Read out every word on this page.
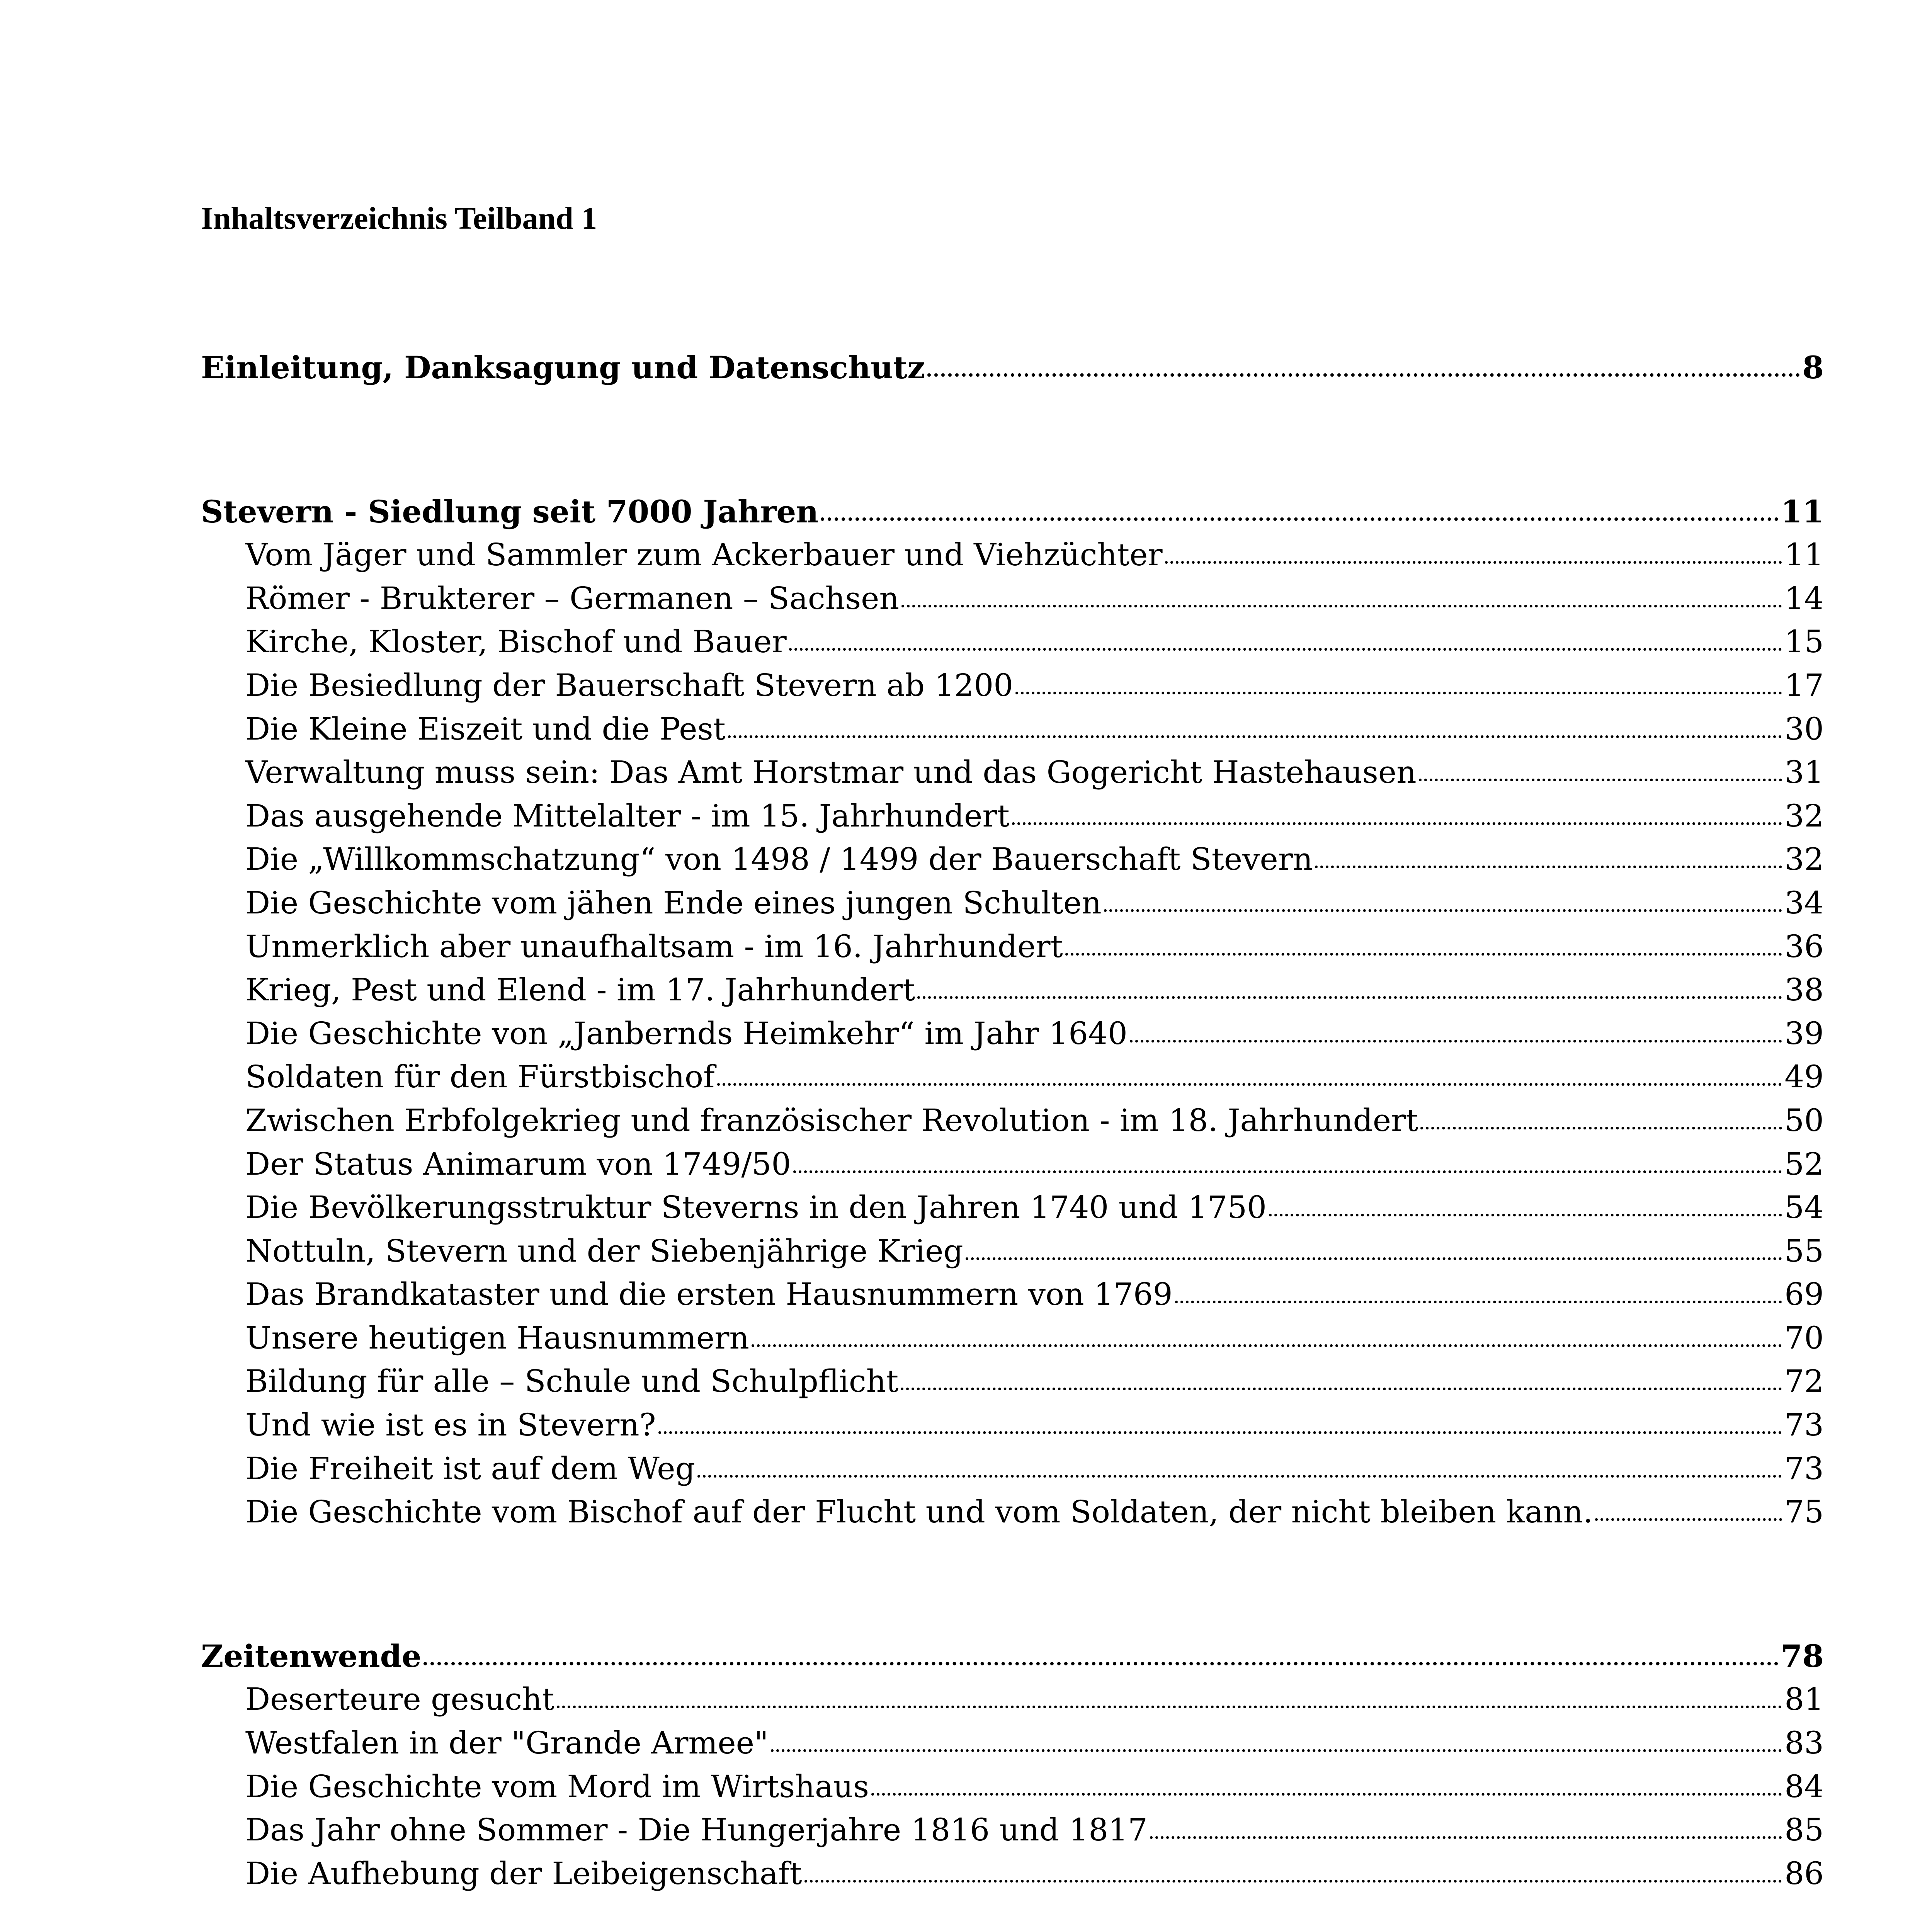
Inhaltsverzeichnis Teilband 1
Einleitung, Danksagung und Datenschutz	8
Stevern - Siedlung seit 7000 Jahren	11
Vom Jäger und Sammler zum Ackerbauer und Viehzüchter	11
Römer - Brukterer – Germanen – Sachsen	14
Kirche, Kloster, Bischof und Bauer	15
Die Besiedlung der Bauerschaft Stevern ab 1200	17
Die Kleine Eiszeit und die Pest	30
Verwaltung muss sein: Das Amt Horstmar und das Gogericht Hastehausen	31
Das ausgehende Mittelalter - im 15. Jahrhundert	32
Die „Willkommschatzung“ von 1498 / 1499 der Bauerschaft Stevern	32
Die Geschichte vom jähen Ende eines jungen Schulten	34
Unmerklich aber unaufhaltsam - im 16. Jahrhundert	36
Krieg, Pest und Elend - im 17. Jahrhundert	38
Die Geschichte von „Janbernds Heimkehr“ im Jahr 1640	39
Soldaten für den Fürstbischof	49
Zwischen Erbfolgekrieg und französischer Revolution - im 18. Jahrhundert	50
Der Status Animarum von 1749/50	52
Die Bevölkerungsstruktur Steverns in den Jahren 1740 und 1750	54
Nottuln, Stevern und der Siebenjährige Krieg	55
Das Brandkataster und die ersten Hausnummern von 1769	69
Unsere heutigen Hausnummern	70
Bildung für alle – Schule und Schulpflicht	72
Und wie ist es in Stevern?	73
Die Freiheit ist auf dem Weg	73
Die Geschichte vom Bischof auf der Flucht und vom Soldaten, der nicht bleiben kann.	75
Zeitenwende	78
Deserteure gesucht	81
Westfalen in der "Grande Armee"	83
Die Geschichte vom Mord im Wirtshaus	84
Das Jahr ohne Sommer - Die Hungerjahre 1816 und 1817	85
Die Aufhebung der Leibeigenschaft	86
